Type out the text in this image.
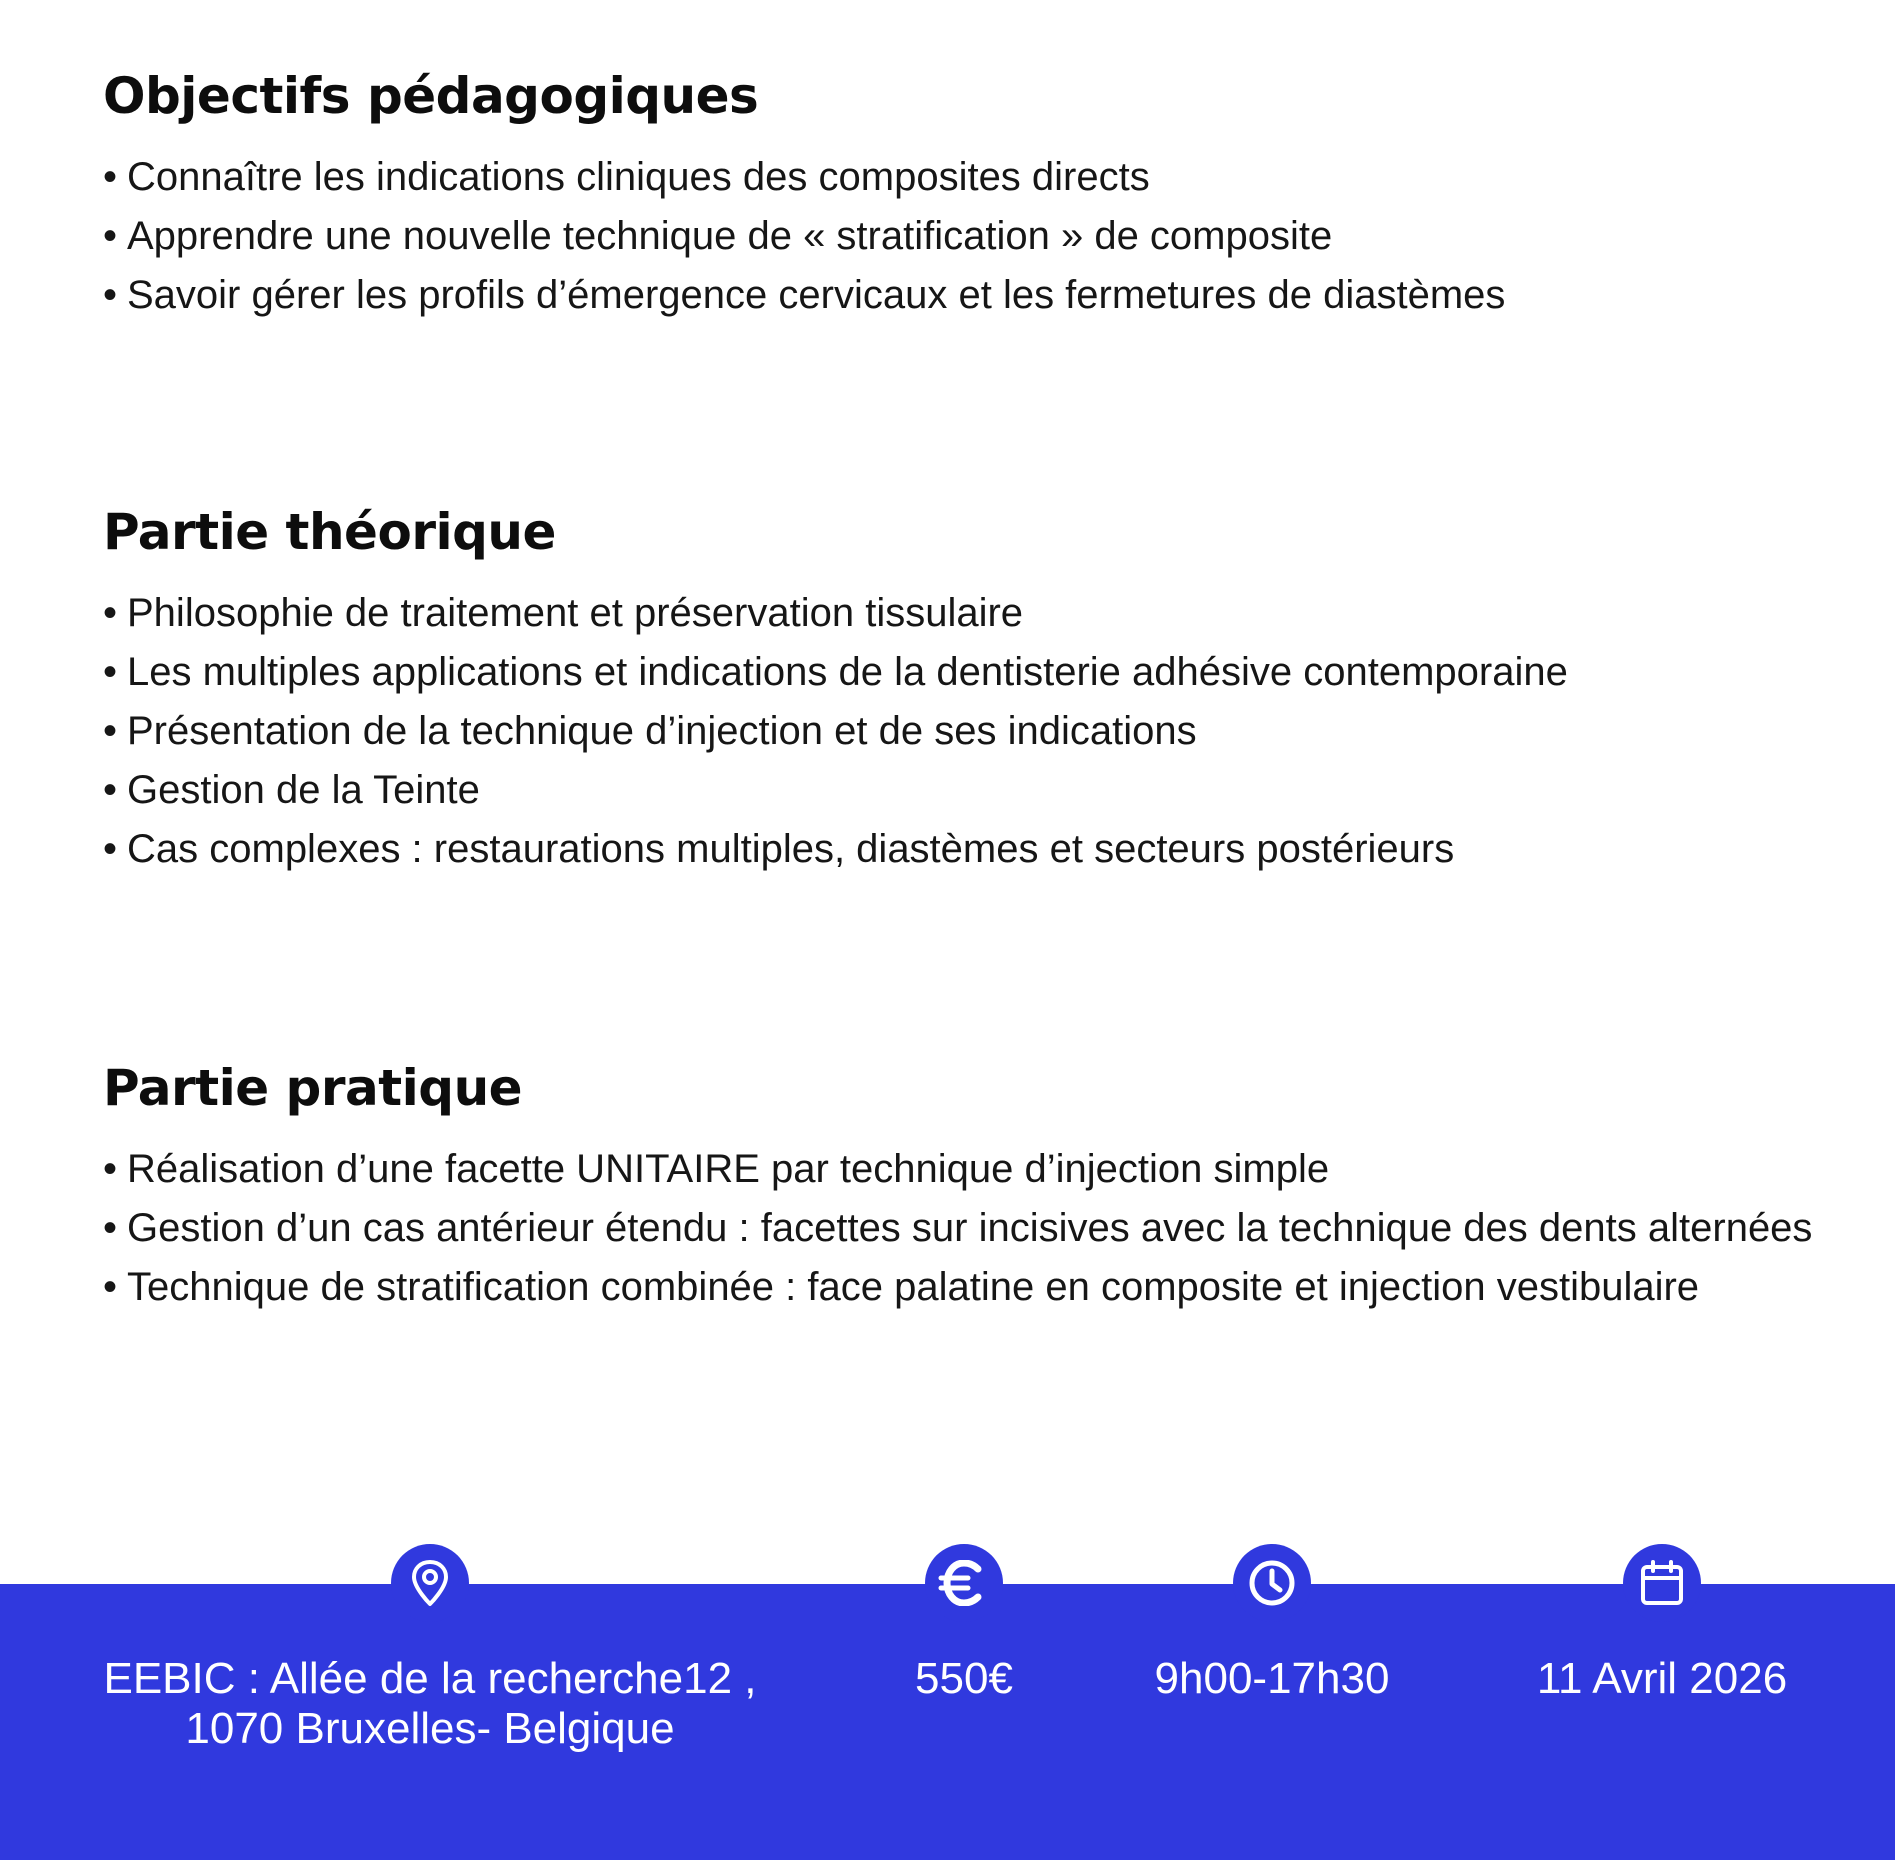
Objectifs pédagogiques
• Connaître les indications cliniques des composites directs
• Apprendre une nouvelle technique de « stratification » de composite
• Savoir gérer les profils d’émergence cervicaux et les fermetures de diastèmes
Partie théorique
• Philosophie de traitement et préservation tissulaire
• Les multiples applications et indications de la dentisterie adhésive contemporaine
• Présentation de la technique d’injection et de ses indications
• Gestion de la Teinte
• Cas complexes : restaurations multiples, diastèmes et secteurs postérieurs
Partie pratique
• Réalisation d’une facette UNITAIRE par technique d’injection simple
• Gestion d’un cas antérieur étendu : facettes sur incisives avec la technique des dents alternées
• Technique de stratification combinée : face palatine en composite et injection vestibulaire
EEBIC : Allée de la recherche12 ,
1070 Bruxelles- Belgique
550€	9h00-17h30	11 Avril 2026
